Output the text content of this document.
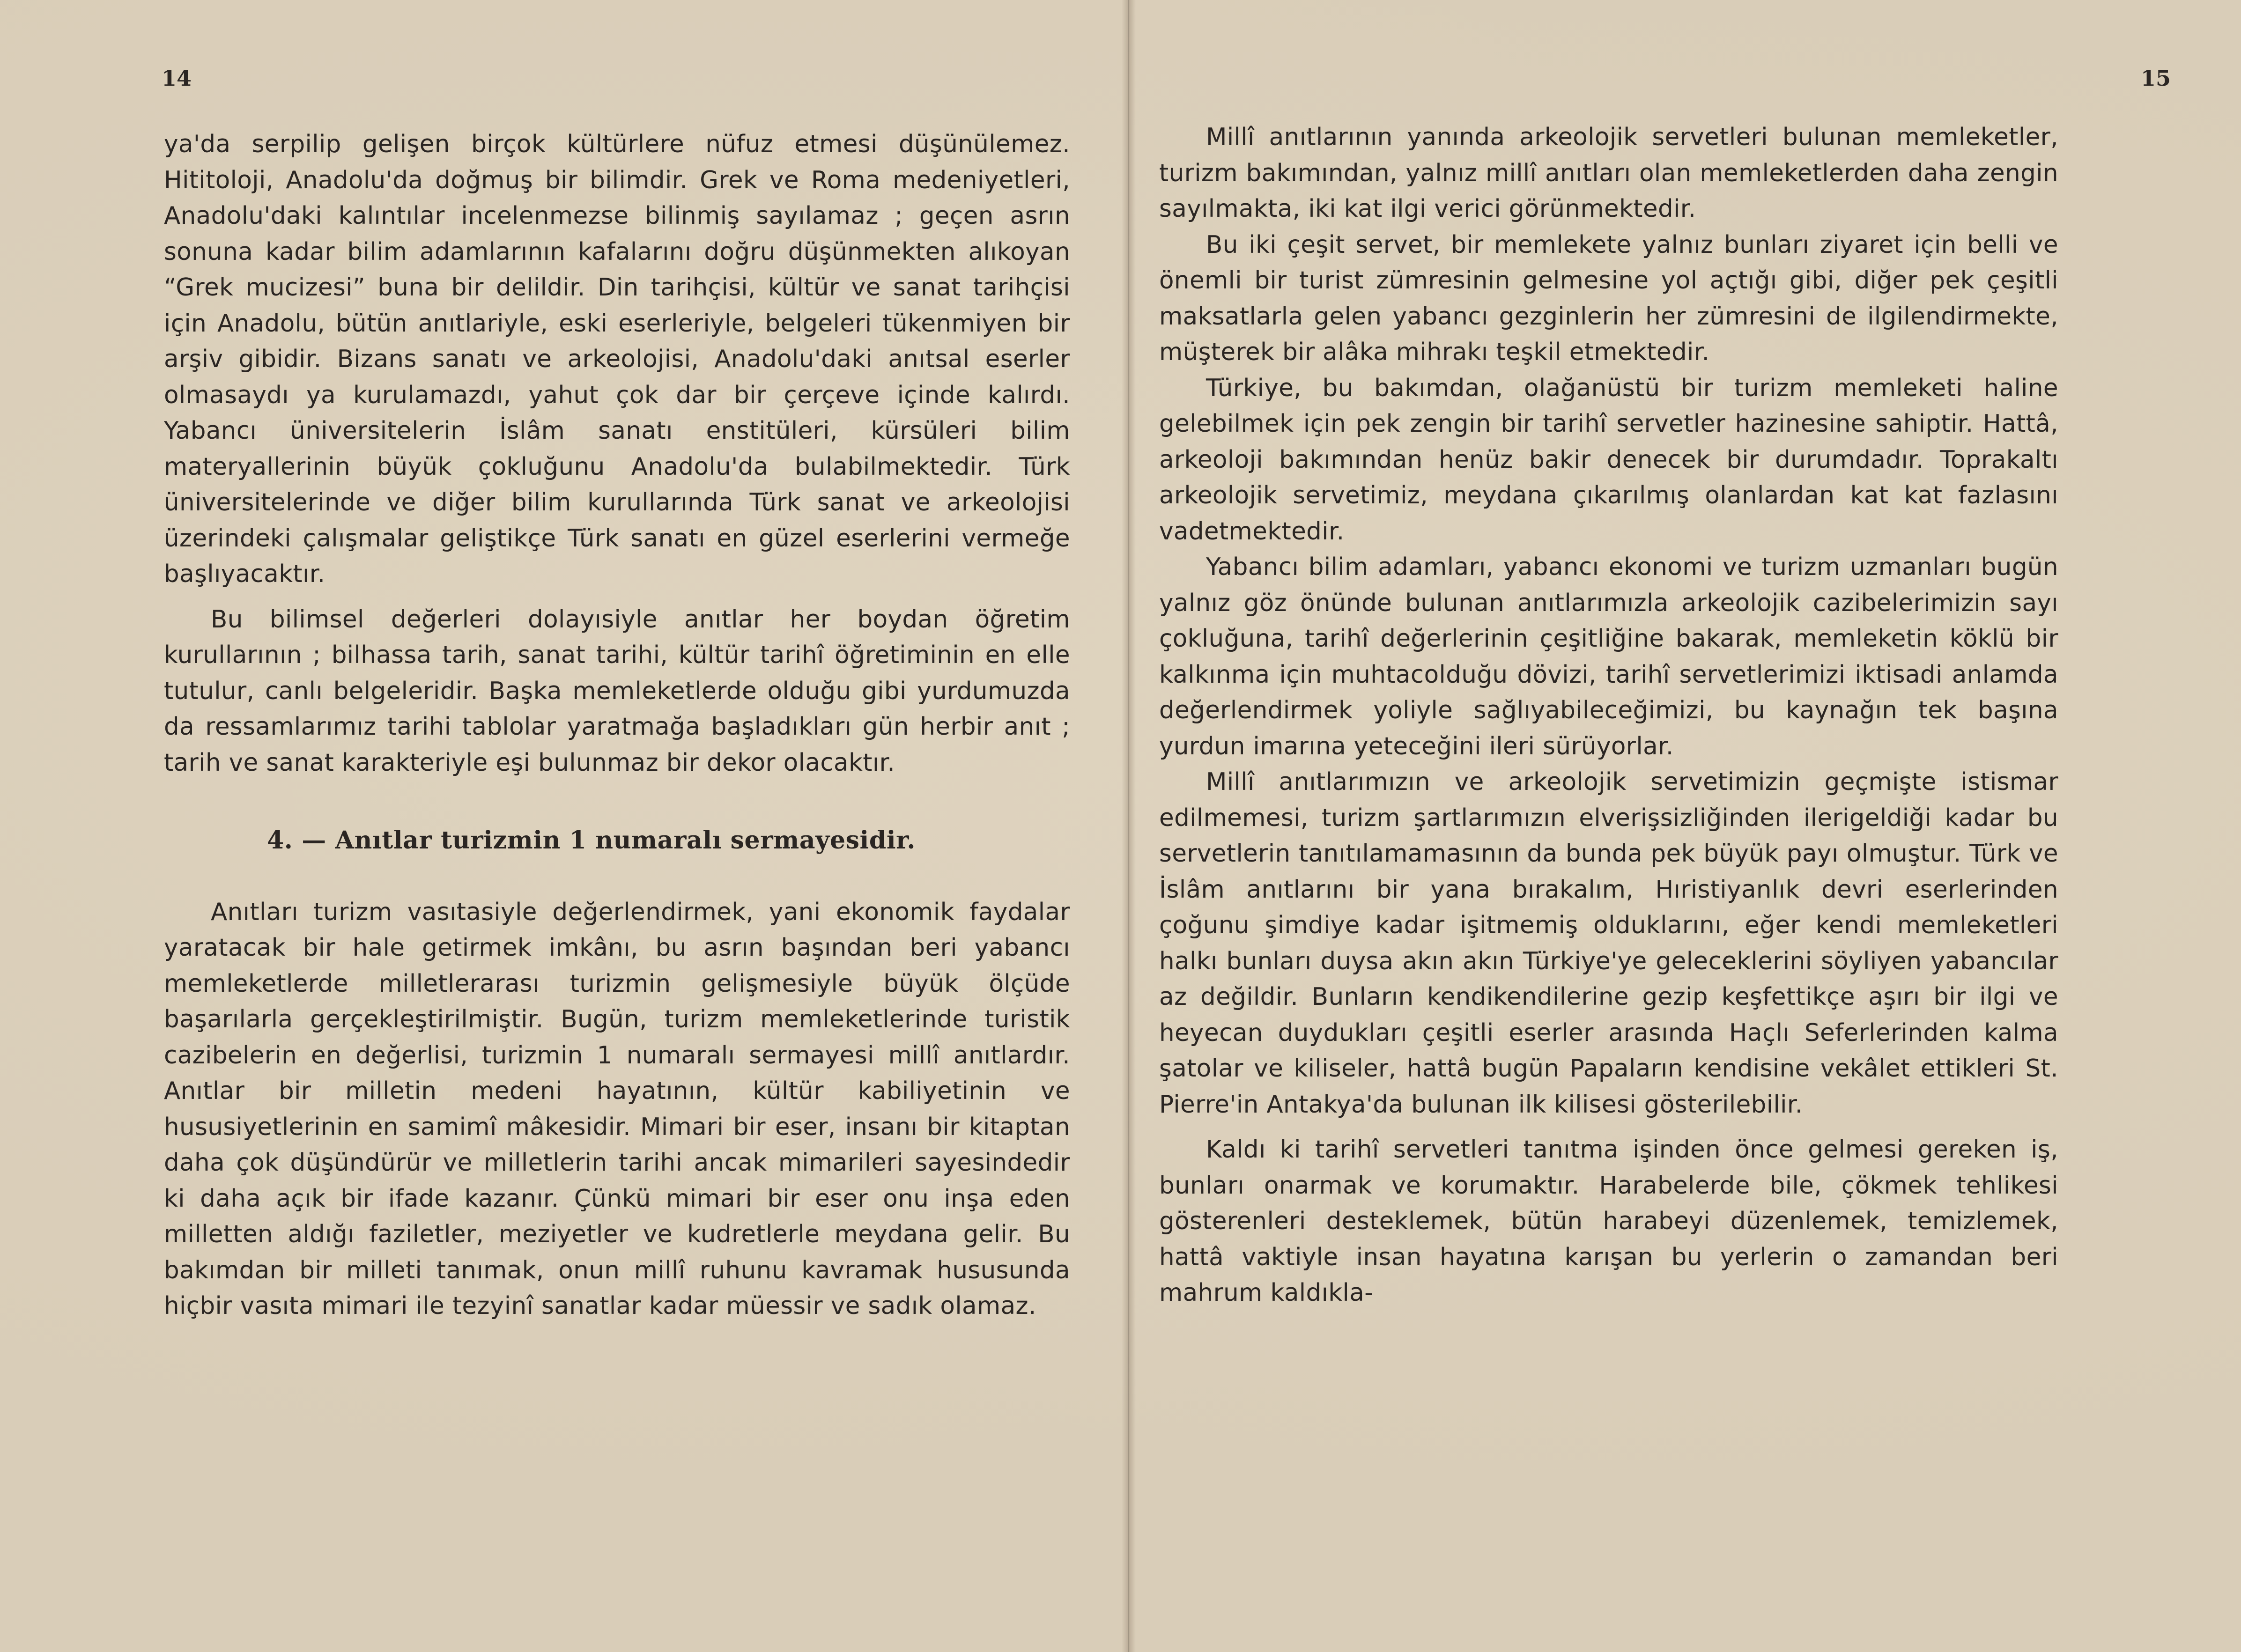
14

ya'da serpilip gelişen birçok kültürlere nüfuz etmesi düşünülemez. Hititoloji, Anadolu'da doğmuş bir bilimdir. Grek ve Roma medeniyetleri, Anadolu'daki kalıntılar incelenmezse bilinmiş sayılamaz ; geçen asrın sonuna kadar bilim adamlarının kafalarını doğru düşünmekten alıkoyan “Grek mucizesi” buna bir delildir. Din tarihçisi, kültür ve sanat tarihçisi için Anadolu, bütün anıtlariyle, eski eserleriyle, belgeleri tükenmiyen bir arşiv gibidir. Bizans sanatı ve arkeolojisi, Anadolu'daki anıtsal eserler olmasaydı ya kurulamazdı, yahut çok dar bir çerçeve içinde kalırdı. Yabancı üniversitelerin İslâm sanatı enstitüleri, kürsüleri bilim materyallerinin büyük çokluğunu Anadolu'da bulabilmektedir. Türk üniversitelerinde ve diğer bilim kurullarında Türk sanat ve arkeolojisi üzerindeki çalışmalar geliştikçe Türk sanatı en güzel eserlerini vermeğe başlıyacaktır.

Bu bilimsel değerleri dolayısiyle anıtlar her boydan öğretim kurullarının ; bilhassa tarih, sanat tarihi, kültür tarihî öğretiminin en elle tutulur, canlı belgeleridir. Başka memleketlerde olduğu gibi yurdumuzda da ressamlarımız tarihi tablolar yaratmağa başladıkları gün herbir anıt ; tarih ve sanat karakteriyle eşi bulunmaz bir dekor olacaktır.

4. — Anıtlar turizmin 1 numaralı sermayesidir.

Anıtları turizm vasıtasiyle değerlendirmek, yani ekonomik faydalar yaratacak bir hale getirmek imkânı, bu asrın başından beri yabancı memleketlerde milletlerarası turizmin gelişmesiyle büyük ölçüde başarılarla gerçekleştirilmiştir. Bugün, turizm memleketlerinde turistik cazibelerin en değerlisi, turizmin 1 numaralı sermayesi millî anıtlardır. Anıtlar bir milletin medeni hayatının, kültür kabiliyetinin ve hususiyetlerinin en samimî mâkesidir. Mimari bir eser, insanı bir kitaptan daha çok düşündürür ve milletlerin tarihi ancak mimarileri sayesindedir ki daha açık bir ifade kazanır. Çünkü mimari bir eser onu inşa eden milletten aldığı faziletler, meziyetler ve kudretlerle meydana gelir. Bu bakımdan bir milleti tanımak, onun millî ruhunu kavramak hususunda hiçbir vasıta mimari ile tezyinî sanatlar kadar müessir ve sadık olamaz.

15

Millî anıtlarının yanında arkeolojik servetleri bulunan memleketler, turizm bakımından, yalnız millî anıtları olan memleketlerden daha zengin sayılmakta, iki kat ilgi verici görünmektedir.

Bu iki çeşit servet, bir memlekete yalnız bunları ziyaret için belli ve önemli bir turist zümresinin gelmesine yol açtığı gibi, diğer pek çeşitli maksatlarla gelen yabancı gezginlerin her zümresini de ilgilendirmekte, müşterek bir alâka mihrakı teşkil etmektedir.

Türkiye, bu bakımdan, olağanüstü bir turizm memleketi haline gelebilmek için pek zengin bir tarihî servetler hazinesine sahiptir. Hattâ, arkeoloji bakımından henüz bakir denecek bir durumdadır. Toprakaltı arkeolojik servetimiz, meydana çıkarılmış olanlardan kat kat fazlasını vadetmektedir.

Yabancı bilim adamları, yabancı ekonomi ve turizm uzmanları bugün yalnız göz önünde bulunan anıtlarımızla arkeolojik cazibelerimizin sayı çokluğuna, tarihî değerlerinin çeşitliğine bakarak, memleketin köklü bir kalkınma için muhtacolduğu dövizi, tarihî servetlerimizi iktisadi anlamda değerlendirmek yoliyle sağlıyabileceğimizi, bu kaynağın tek başına yurdun imarına yeteceğini ileri sürüyorlar.

Millî anıtlarımızın ve arkeolojik servetimizin geçmişte istismar edilmemesi, turizm şartlarımızın elverişsizliğinden ilerigeldiği kadar bu servetlerin tanıtılamamasının da bunda pek büyük payı olmuştur. Türk ve İslâm anıtlarını bir yana bırakalım, Hıristiyanlık devri eserlerinden çoğunu şimdiye kadar işitmemiş olduklarını, eğer kendi memleketleri halkı bunları duysa akın akın Türkiye'ye geleceklerini söyliyen yabancılar az değildir. Bunların kendikendilerine gezip keşfettikçe aşırı bir ilgi ve heyecan duydukları çeşitli eserler arasında Haçlı Seferlerinden kalma şatolar ve kiliseler, hattâ bugün Papaların kendisine vekâlet ettikleri St. Pierre'in Antakya'da bulunan ilk kilisesi gösterilebilir.

Kaldı ki tarihî servetleri tanıtma işinden önce gelmesi gereken iş, bunları onarmak ve korumaktır. Harabelerde bile, çökmek tehlikesi gösterenleri desteklemek, bütün harabeyi düzenlemek, temizlemek, hattâ vaktiyle insan hayatına karışan bu yerlerin o zamandan beri mahrum kaldıkla-
